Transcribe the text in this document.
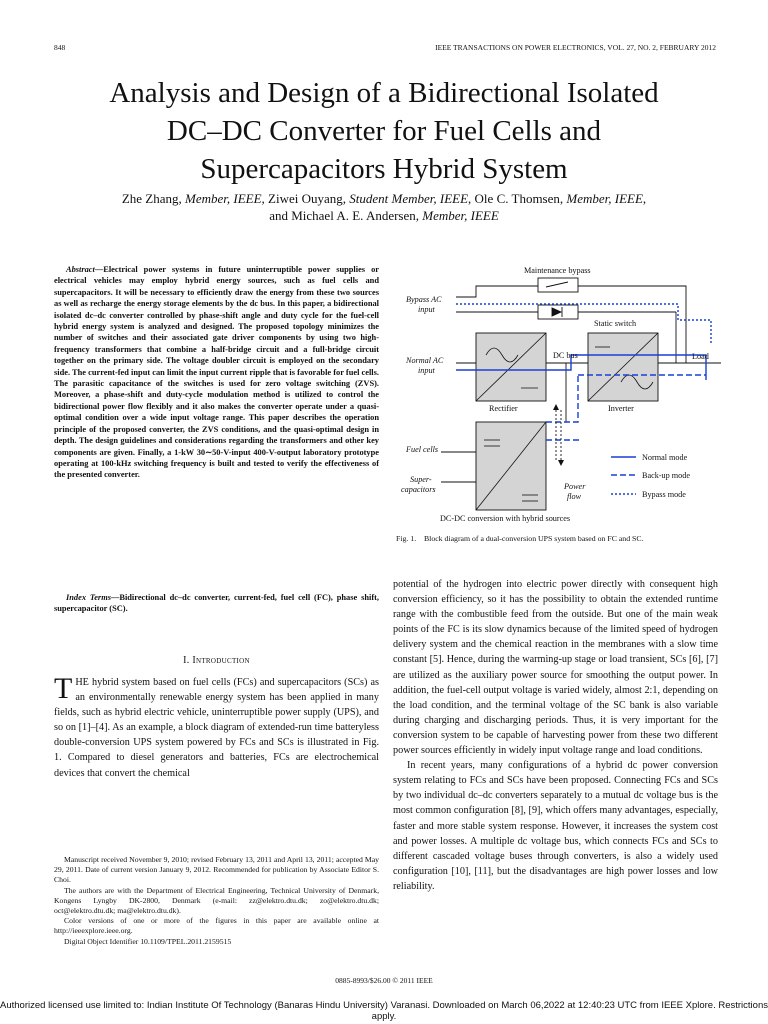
848	IEEE TRANSACTIONS ON POWER ELECTRONICS, VOL. 27, NO. 2, FEBRUARY 2012
Analysis and Design of a Bidirectional Isolated
DC–DC Converter for Fuel Cells and
Supercapacitors Hybrid System
Zhe Zhang, Member, IEEE, Ziwei Ouyang, Student Member, IEEE, Ole C. Thomsen, Member, IEEE,
and Michael A. E. Andersen, Member, IEEE
Abstract—Electrical power systems in future uninterruptible power supplies or electrical vehicles may employ hybrid energy sources, such as fuel cells and supercapacitors. It will be necessary to efficiently draw the energy from these two sources as well as recharge the energy storage elements by the dc bus. In this paper, a bidirectional isolated dc–dc converter controlled by phase-shift angle and duty cycle for the fuel-cell hybrid energy system is analyzed and designed. The proposed topology minimizes the number of switches and their associated gate driver components by using two high-frequency transformers that combine a half-bridge circuit and a full-bridge circuit together on the primary side. The voltage doubler circuit is employed on the secondary side. The current-fed input can limit the input current ripple that is favorable for fuel cells. The parasitic capacitance of the switches is used for zero voltage switching (ZVS). Moreover, a phase-shift and duty-cycle modulation method is utilized to control the bidirectional power flow flexibly and it also makes the converter operate under a quasi-optimal condition over a wide input voltage range. This paper describes the operation principle of the proposed converter, the ZVS conditions, and the quasi-optimal design in depth. The design guidelines and considerations regarding the transformers and other key components are given. Finally, a 1-kW 30∼50-V-input 400-V-output laboratory prototype operating at 100-kHz switching frequency is built and tested to verify the effectiveness of the presented converter.
Index Terms—Bidirectional dc–dc converter, current-fed, fuel cell (FC), phase shift, supercapacitor (SC).
I. Introduction
THE hybrid system based on fuel cells (FCs) and supercapacitors (SCs) as an environmentally renewable energy system has been applied in many fields, such as hybrid electric vehicle, uninterruptible power supply (UPS), and so on [1]–[4]. As an example, a block diagram of extended-run time batteryless double-conversion UPS system powered by FCs and SCs is illustrated in Fig. 1. Compared to diesel generators and batteries, FCs are electrochemical devices that convert the chemical

Manuscript received November 9, 2010; revised February 13, 2011 and April 13, 2011; accepted May 29, 2011. Date of current version January 9, 2012. Recommended for publication by Associate Editor S. Choi.

The authors are with the Department of Electrical Engineering, Technical University of Denmark, Kongens Lyngby DK-2800, Denmark (e-mail: zz@elektro.dtu.dk; zo@elektro.dtu.dk; oct@elektro.dtu.dk; ma@elektro.dtu.dk).

Color versions of one or more of the figures in this paper are available online at http://ieeexplore.ieee.org.

Digital Object Identifier 10.1109/TPEL.2011.2159515

Maintenance bypass
Bypass AC
input
Static switch
Normal AC
input
DC bus	Load
Rectifier	Inverter
Fuel cells
Super-
capacitors	Power
flow
DC-DC conversion with hybrid sources
Normal mode
Back-up mode
Bypass mode
Fig. 1. Block diagram of a dual-conversion UPS system based on FC and SC.

potential of the hydrogen into electric power directly with consequent high conversion efficiency, so it has the possibility to obtain the extended runtime range with the combustible feed from the outside. But one of the main weak points of the FC is its slow dynamics because of the limited speed of hydrogen delivery system and the chemical reaction in the membranes with a slow time constant [5]. Hence, during the warming-up stage or load transient, SCs [6], [7] are utilized as the auxiliary power source for smoothing the output power. In addition, the fuel-cell output voltage is varied widely, almost 2:1, depending on the load condition, and the terminal voltage of the SC bank is also variable during charging and discharging periods. Thus, it is very important for the conversion system to be capable of harvesting power from these two different power sources efficiently in widely input voltage range and load conditions.

In recent years, many configurations of a hybrid dc power conversion system relating to FCs and SCs have been proposed. Connecting FCs and SCs by two individual dc–dc converters separately to a mutual dc voltage bus is the most common configuration [8], [9], which offers many advantages, especially, faster and more stable system response. However, it increases the system cost and power losses. A multiple dc voltage bus, which connects FCs and SCs to different cascaded voltage buses through converters, is also a widely used configuration [10], [11], but the disadvantages are high power losses and low reliability.

0885-8993/$26.00 © 2011 IEEE
Authorized licensed use limited to: Indian Institute Of Technology (Banaras Hindu University) Varanasi. Downloaded on March 06,2022 at 12:40:23 UTC from IEEE Xplore. Restrictions apply.
